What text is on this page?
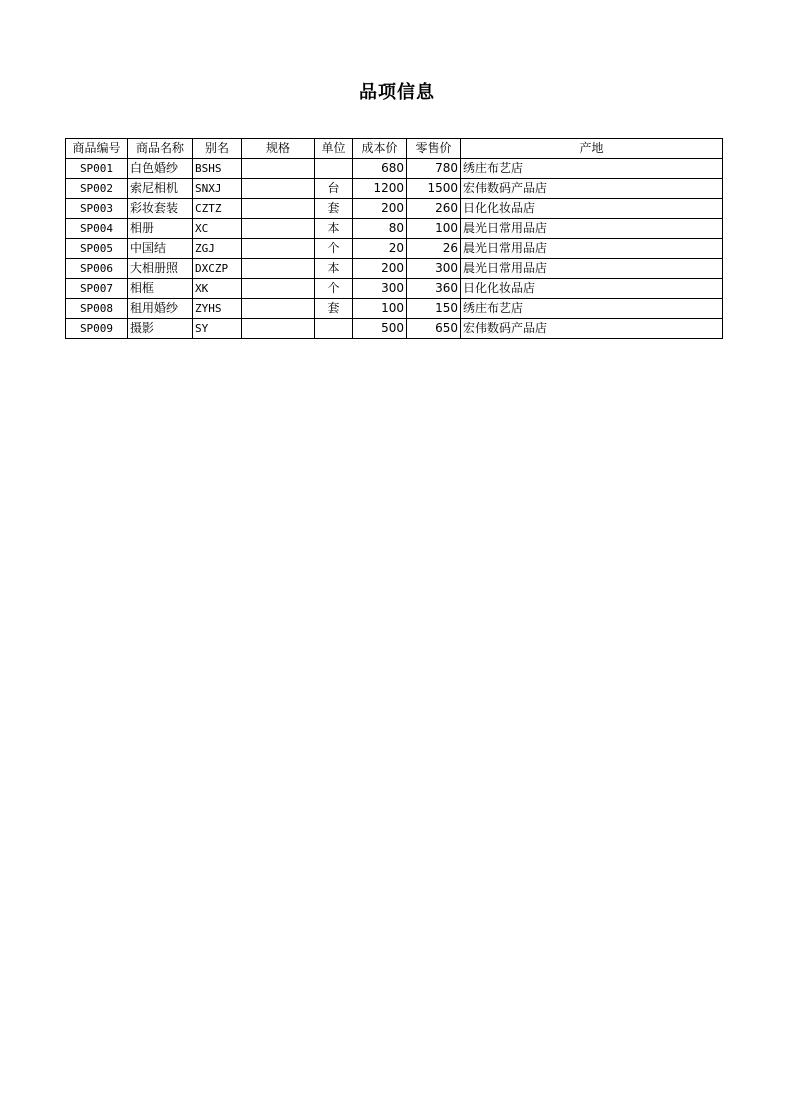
品项信息
商品编号	商品名称	别名	规格	单位	成本价	零售价	产地
SP001	白色婚纱	BSHS			680	780	绣庄布艺店
SP002	索尼相机	SNXJ		台	1200	1500	宏伟数码产品店
SP003	彩妆套装	CZTZ		套	200	260	日化化妆品店
SP004	相册	XC		本	80	100	晨光日常用品店
SP005	中国结	ZGJ		个	20	26	晨光日常用品店
SP006	大相册照	DXCZP		本	200	300	晨光日常用品店
SP007	相框	XK		个	300	360	日化化妆品店
SP008	租用婚纱	ZYHS		套	100	150	绣庄布艺店
SP009	摄影	SY			500	650	宏伟数码产品店
